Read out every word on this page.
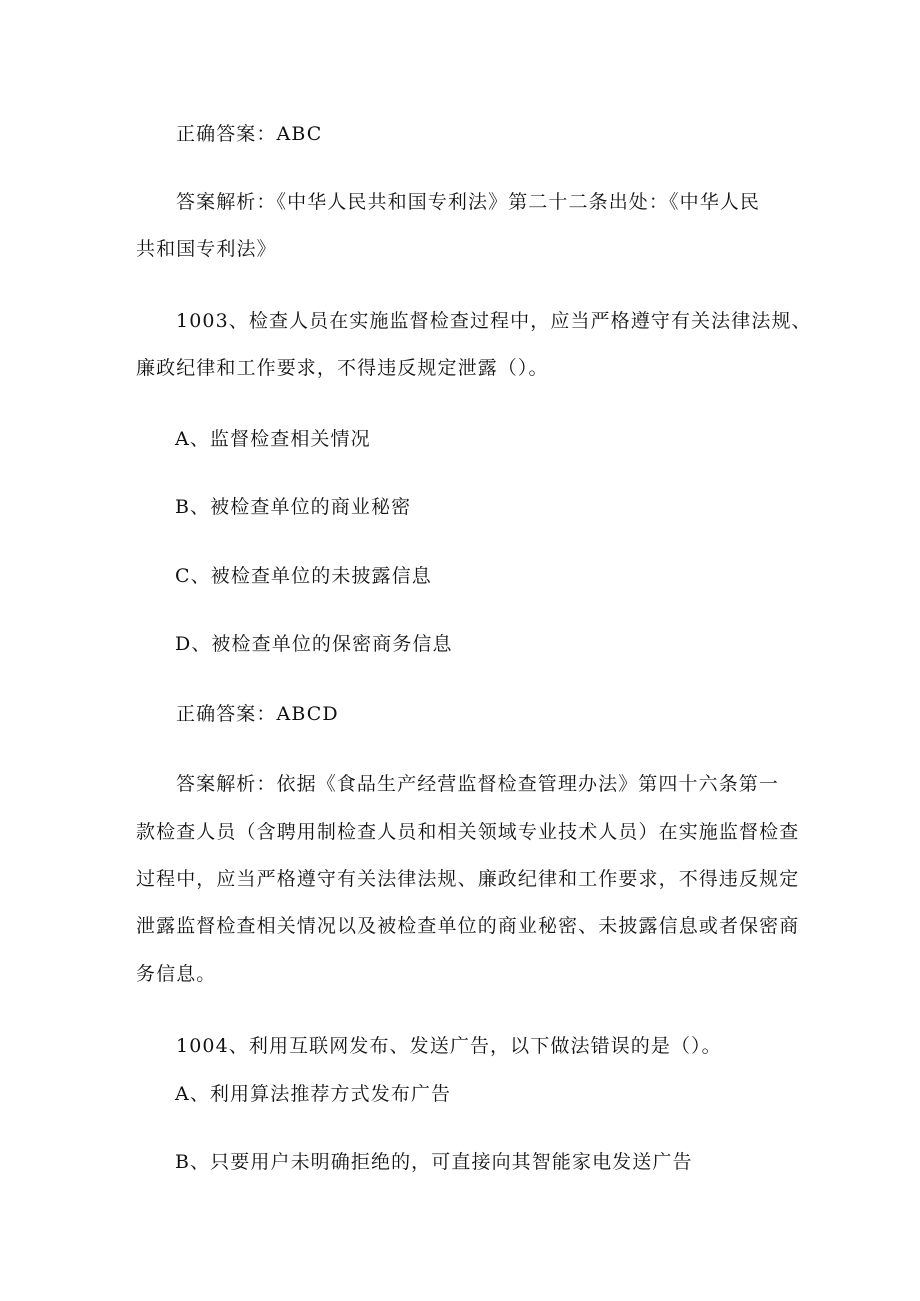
正确答案：ABC
答案解析：《中华人民共和国专利法》第二十二条出处：《中华人民
共和国专利法》
1003、检查人员在实施监督检查过程中，应当严格遵守有关法律法规、
廉政纪律和工作要求，不得违反规定泄露（）。
A、监督检查相关情况
B、被检查单位的商业秘密
C、被检查单位的未披露信息
D、被检查单位的保密商务信息
正确答案：ABCD
答案解析：依据《食品生产经营监督检查管理办法》第四十六条第一
款检查人员（含聘用制检查人员和相关领域专业技术人员）在实施监督检查
过程中，应当严格遵守有关法律法规、廉政纪律和工作要求，不得违反规定
泄露监督检查相关情况以及被检查单位的商业秘密、未披露信息或者保密商
务信息。
1004、利用互联网发布、发送广告，以下做法错误的是（）。
A、利用算法推荐方式发布广告
B、只要用户未明确拒绝的，可直接向其智能家电发送广告
